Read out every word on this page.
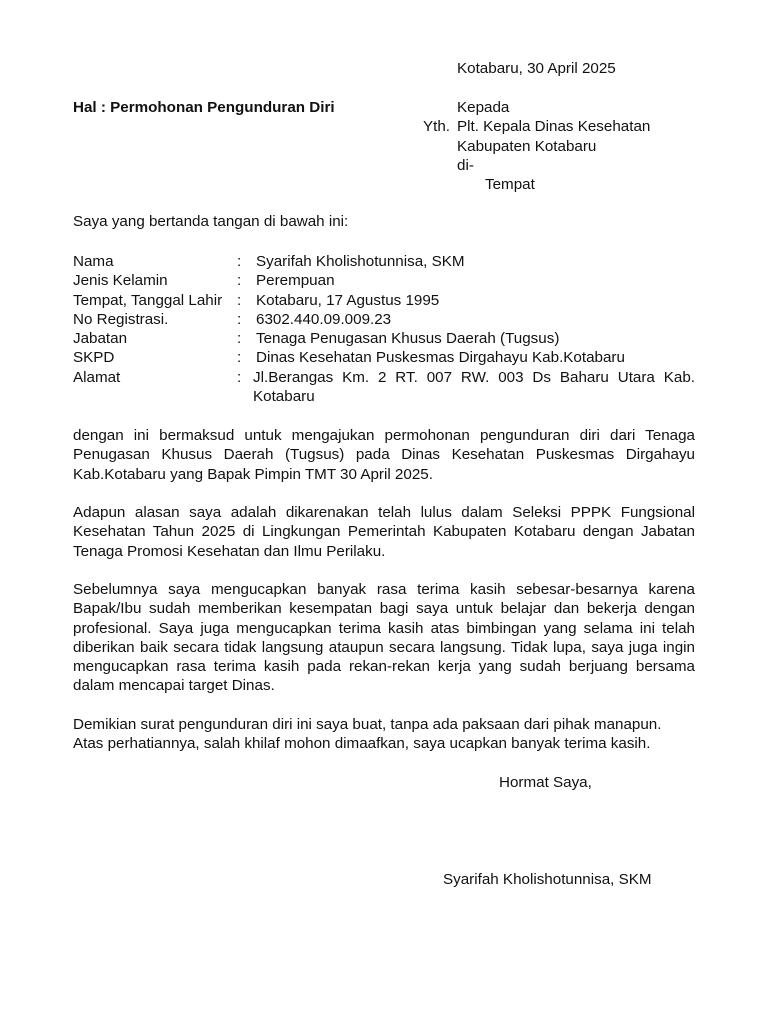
Kotabaru, 30 April 2025
Hal : Permohonan Pengunduran Diri	Kepada
Yth. Plt. Kepala Dinas Kesehatan
Kabupaten Kotabaru
di-
Tempat
Saya yang bertanda tangan di bawah ini:
Nama	: Syarifah Kholishotunnisa, SKM
Jenis Kelamin	: Perempuan
Tempat, Tanggal Lahir : Kotabaru, 17 Agustus 1995
No Registrasi.	: 6302.440.09.009.23
Jabatan	: Tenaga Penugasan Khusus Daerah (Tugsus)
SKPD	: Dinas Kesehatan Puskesmas Dirgahayu Kab.Kotabaru
Alamat	: Jl.Berangas Km. 2 RT. 007 RW. 003 Ds Baharu Utara Kab. Kotabaru

dengan ini bermaksud untuk mengajukan permohonan pengunduran diri dari Tenaga Penugasan Khusus Daerah (Tugsus) pada Dinas Kesehatan Puskesmas Dirgahayu Kab.Kotabaru yang Bapak Pimpin TMT 30 April 2025.

Adapun alasan saya adalah dikarenakan telah lulus dalam Seleksi PPPK Fungsional Kesehatan Tahun 2025 di Lingkungan Pemerintah Kabupaten Kotabaru dengan Jabatan Tenaga Promosi Kesehatan dan Ilmu Perilaku.

Sebelumnya saya mengucapkan banyak rasa terima kasih sebesar-besarnya karena Bapak/Ibu sudah memberikan kesempatan bagi saya untuk belajar dan bekerja dengan profesional. Saya juga mengucapkan terima kasih atas bimbingan yang selama ini telah diberikan baik secara tidak langsung ataupun secara langsung. Tidak lupa, saya juga ingin mengucapkan rasa terima kasih pada rekan-rekan kerja yang sudah berjuang bersama dalam mencapai target Dinas.

Demikian surat pengunduran diri ini saya buat, tanpa ada paksaan dari pihak manapun. Atas perhatiannya, salah khilaf mohon dimaafkan, saya ucapkan banyak terima kasih.

Hormat Saya,
Syarifah Kholishotunnisa, SKM
